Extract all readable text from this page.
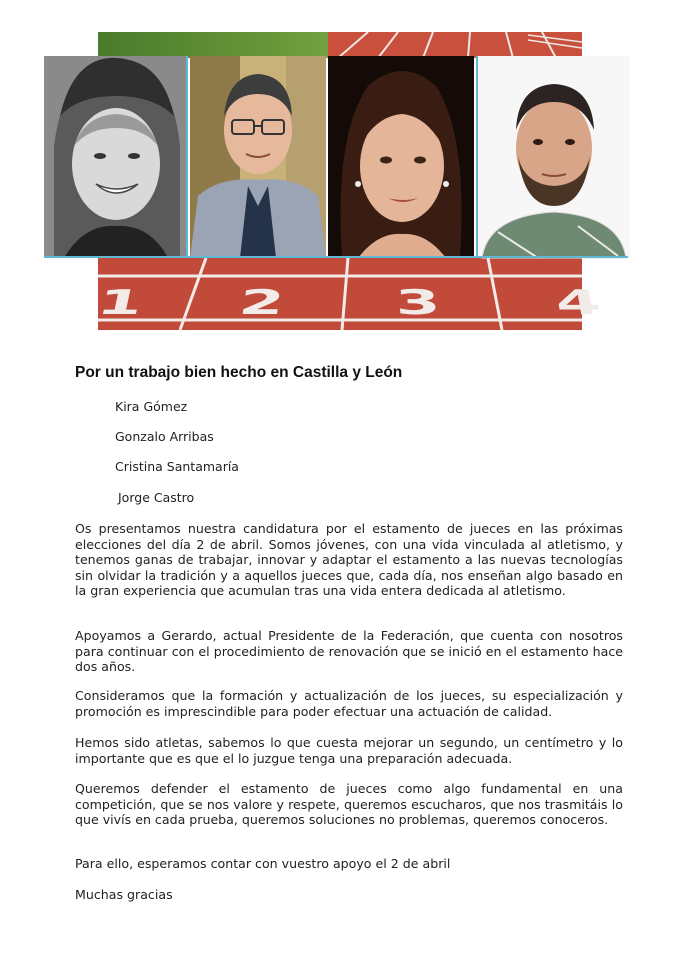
1	2	3	4
Por un trabajo bien hecho en Castilla y León
Kira Gómez
Gonzalo Arribas
Cristina Santamaría
Jorge Castro

Os presentamos nuestra candidatura por el estamento de jueces en las próximas elecciones del día 2 de abril. Somos jóvenes, con una vida vinculada al atletismo, y tenemos ganas de trabajar, innovar y adaptar el estamento a las nuevas tecnologías sin olvidar la tradición y a aquellos jueces que, cada día, nos enseñan algo basado en la gran experiencia que acumulan tras una vida entera dedicada al atletismo.

Apoyamos a Gerardo, actual Presidente de la Federación, que cuenta con nosotros para continuar con el procedimiento de renovación que se inició en el estamento hace dos años.

Consideramos que la formación y actualización de los jueces, su especialización y promoción es imprescindible para poder efectuar una actuación de calidad.

Hemos sido atletas, sabemos lo que cuesta mejorar un segundo, un centímetro y lo importante que es que el lo juzgue tenga una preparación adecuada.

Queremos defender el estamento de jueces como algo fundamental en una competición, que se nos valore y respete, queremos escucharos, que nos trasmitáis lo que vivís en cada prueba, queremos soluciones no problemas, queremos conoceros.

Para ello, esperamos contar con vuestro apoyo el 2 de abril

Muchas gracias
